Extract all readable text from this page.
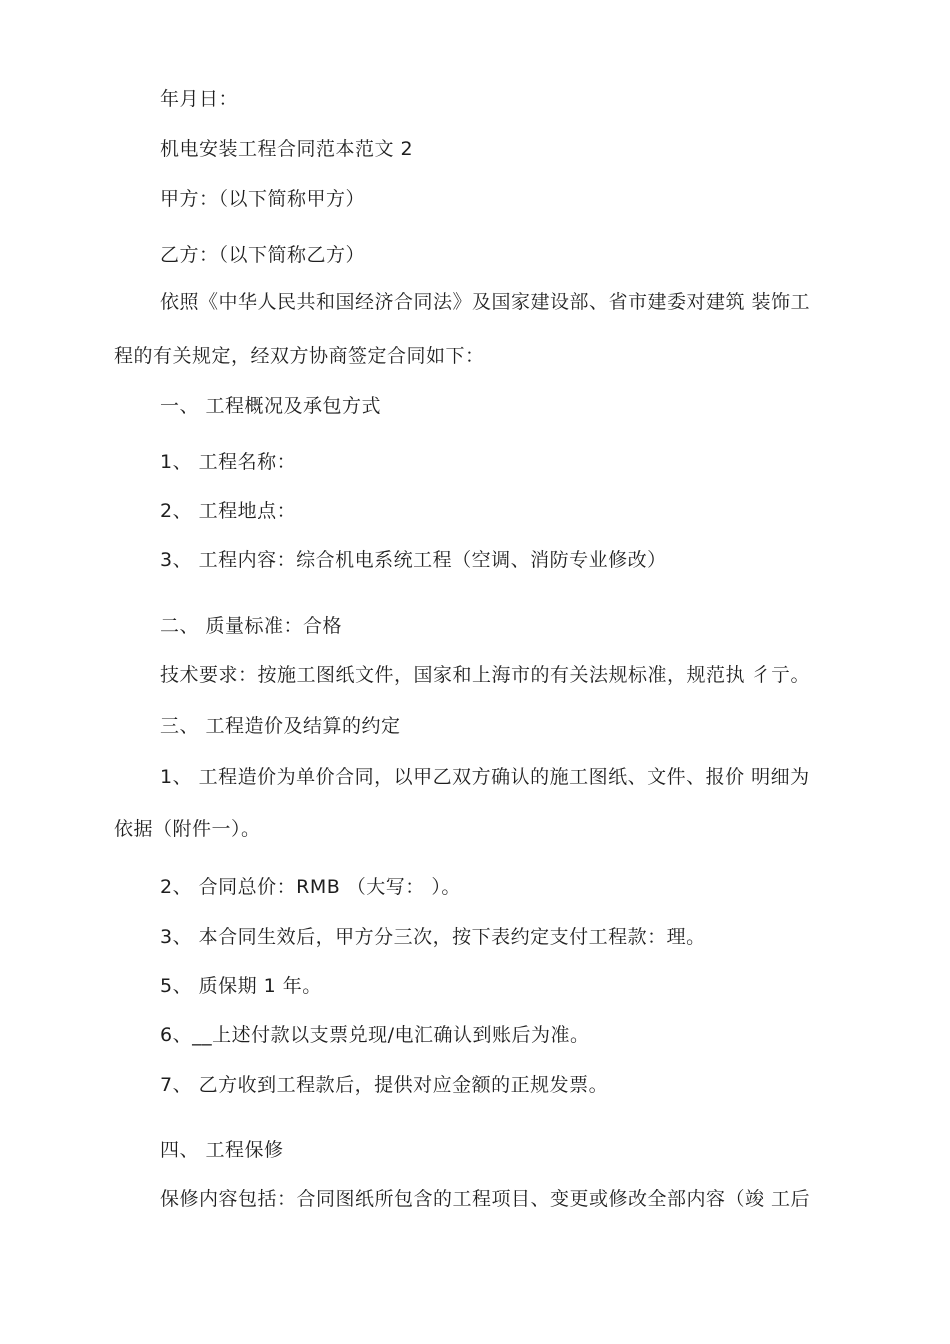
年月日：
机电安装工程合同范本范文 2
甲方：（以下简称甲方）
乙方：（以下简称乙方）
依照《中华人民共和国经济合同法》及国家建设部、省市建委对建筑 装饰工
程的有关规定，经双方协商签定合同如下：
一、 工程概况及承包方式
1、 工程名称：
2、 工程地点：
3、 工程内容：综合机电系统工程（空调、消防专业修改）
二、 质量标准：合格
技术要求：按施工图纸文件，国家和上海市的有关法规标准，规范执 彳亍。
三、 工程造价及结算的约定
1、 工程造价为单价合同，以甲乙双方确认的施工图纸、文件、报价 明细为
依据（附件一）。
2、 合同总价：RMB （大写： ）。
3、 本合同生效后，甲方分三次，按下表约定支付工程款：理。
5、 质保期 1 年。
6、__上述付款以支票兑现/电汇确认到账后为准。
7、 乙方收到工程款后，提供对应金额的正规发票。
四、 工程保修
保修内容包括：合同图纸所包含的工程项目、变更或修改全部内容（竣 工后
